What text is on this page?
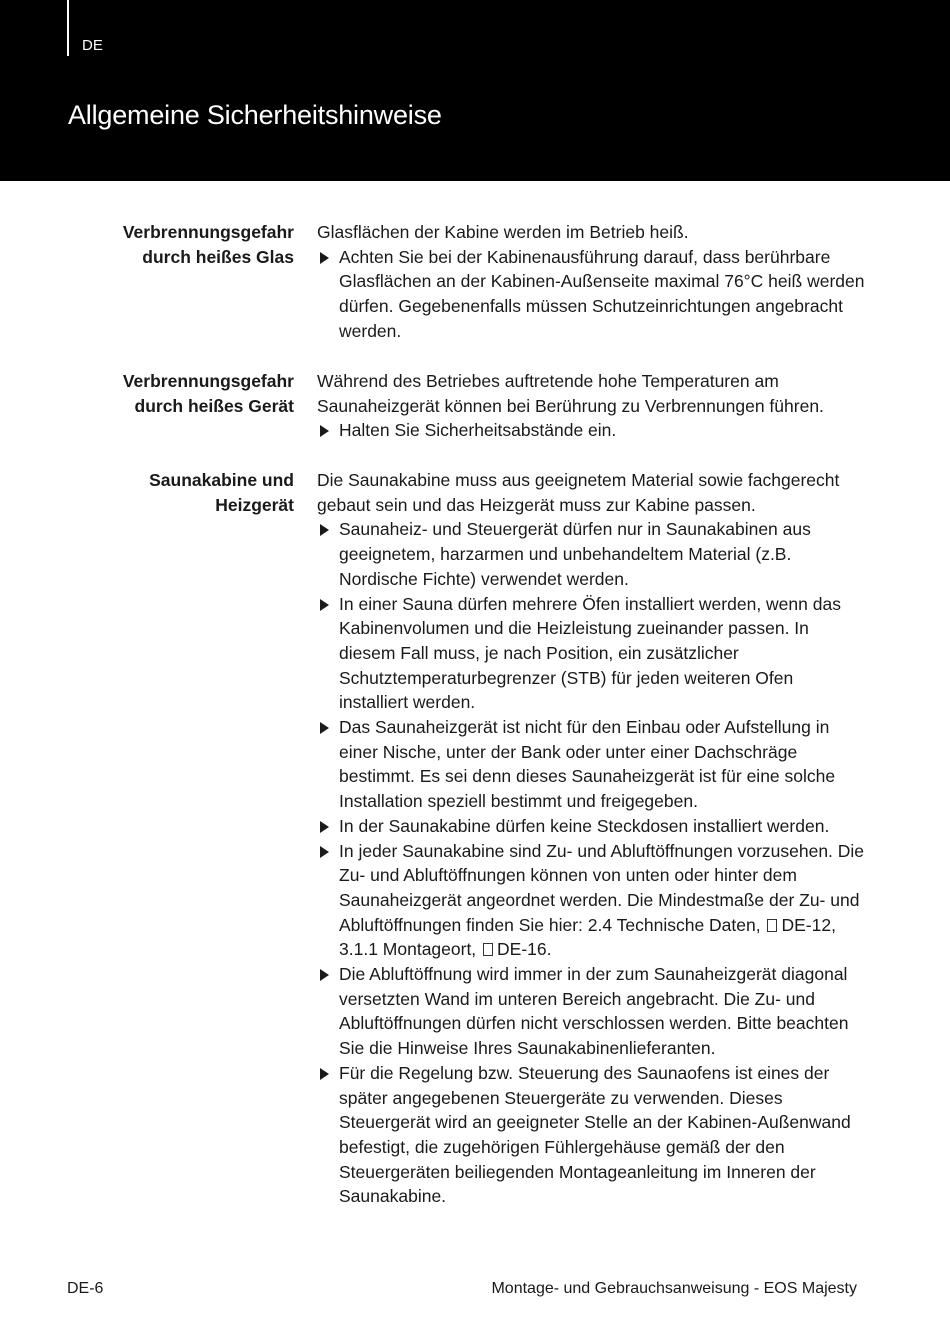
DE
Allgemeine Sicherheitshinweise
Verbrennungsgefahr
durch heißes Glas

Glasflächen der Kabine werden im Betrieb heiß.

Achten Sie bei der Kabinenausführung darauf, dass berührbare Glasflächen an der Kabinen-Außenseite maximal 76°C heiß werden dürfen. Gegebenenfalls müssen Schutzeinrichtungen angebracht werden.

Verbrennungsgefahr
durch heißes Gerät

Während des Betriebes auftretende hohe Temperaturen am Saunaheizgerät können bei Berührung zu Verbrennungen führen.

Halten Sie Sicherheitsabstände ein.

Saunakabine und
Heizgerät

Die Saunakabine muss aus geeignetem Material sowie fachgerecht gebaut sein und das Heizgerät muss zur Kabine passen.

Saunaheiz- und Steuergerät dürfen nur in Saunakabinen aus geeignetem, harzarmen und unbehandeltem Material (z.B. Nordische Fichte) verwendet werden.

In einer Sauna dürfen mehrere Öfen installiert werden, wenn das Kabinenvolumen und die Heizleistung zueinander passen. In diesem Fall muss, je nach Position, ein zusätzlicher Schutztemperaturbegrenzer (STB) für jeden weiteren Ofen installiert werden.

Das Saunaheizgerät ist nicht für den Einbau oder Aufstellung in einer Nische, unter der Bank oder unter einer Dachschräge bestimmt. Es sei denn dieses Saunaheizgerät ist für eine solche Installation speziell bestimmt und freigegeben.

In der Saunakabine dürfen keine Steckdosen installiert werden.

In jeder Saunakabine sind Zu- und Abluftöffnungen vorzusehen. Die Zu- und Abluftöffnungen können von unten oder hinter dem Saunaheizgerät angeordnet werden. Die Mindestmaße der Zu- und Abluftöffnungen finden Sie hier: 2.4 Technische Daten, DE-12, 3.1.1 Montageort, DE-16.

Die Abluftöffnung wird immer in der zum Saunaheizgerät diagonal versetzten Wand im unteren Bereich angebracht. Die Zu- und Abluftöffnungen dürfen nicht verschlossen werden. Bitte beachten Sie die Hinweise Ihres Saunakabinenlieferanten.

Für die Regelung bzw. Steuerung des Saunaofens ist eines der später angegebenen Steuergeräte zu verwenden. Dieses Steuergerät wird an geeigneter Stelle an der Kabinen-Außenwand befestigt, die zugehörigen Fühlergehäuse gemäß der den Steuergeräten beiliegenden Montageanleitung im Inneren der Saunakabine.

DE-6	Montage- und Gebrauchsanweisung - EOS Majesty
